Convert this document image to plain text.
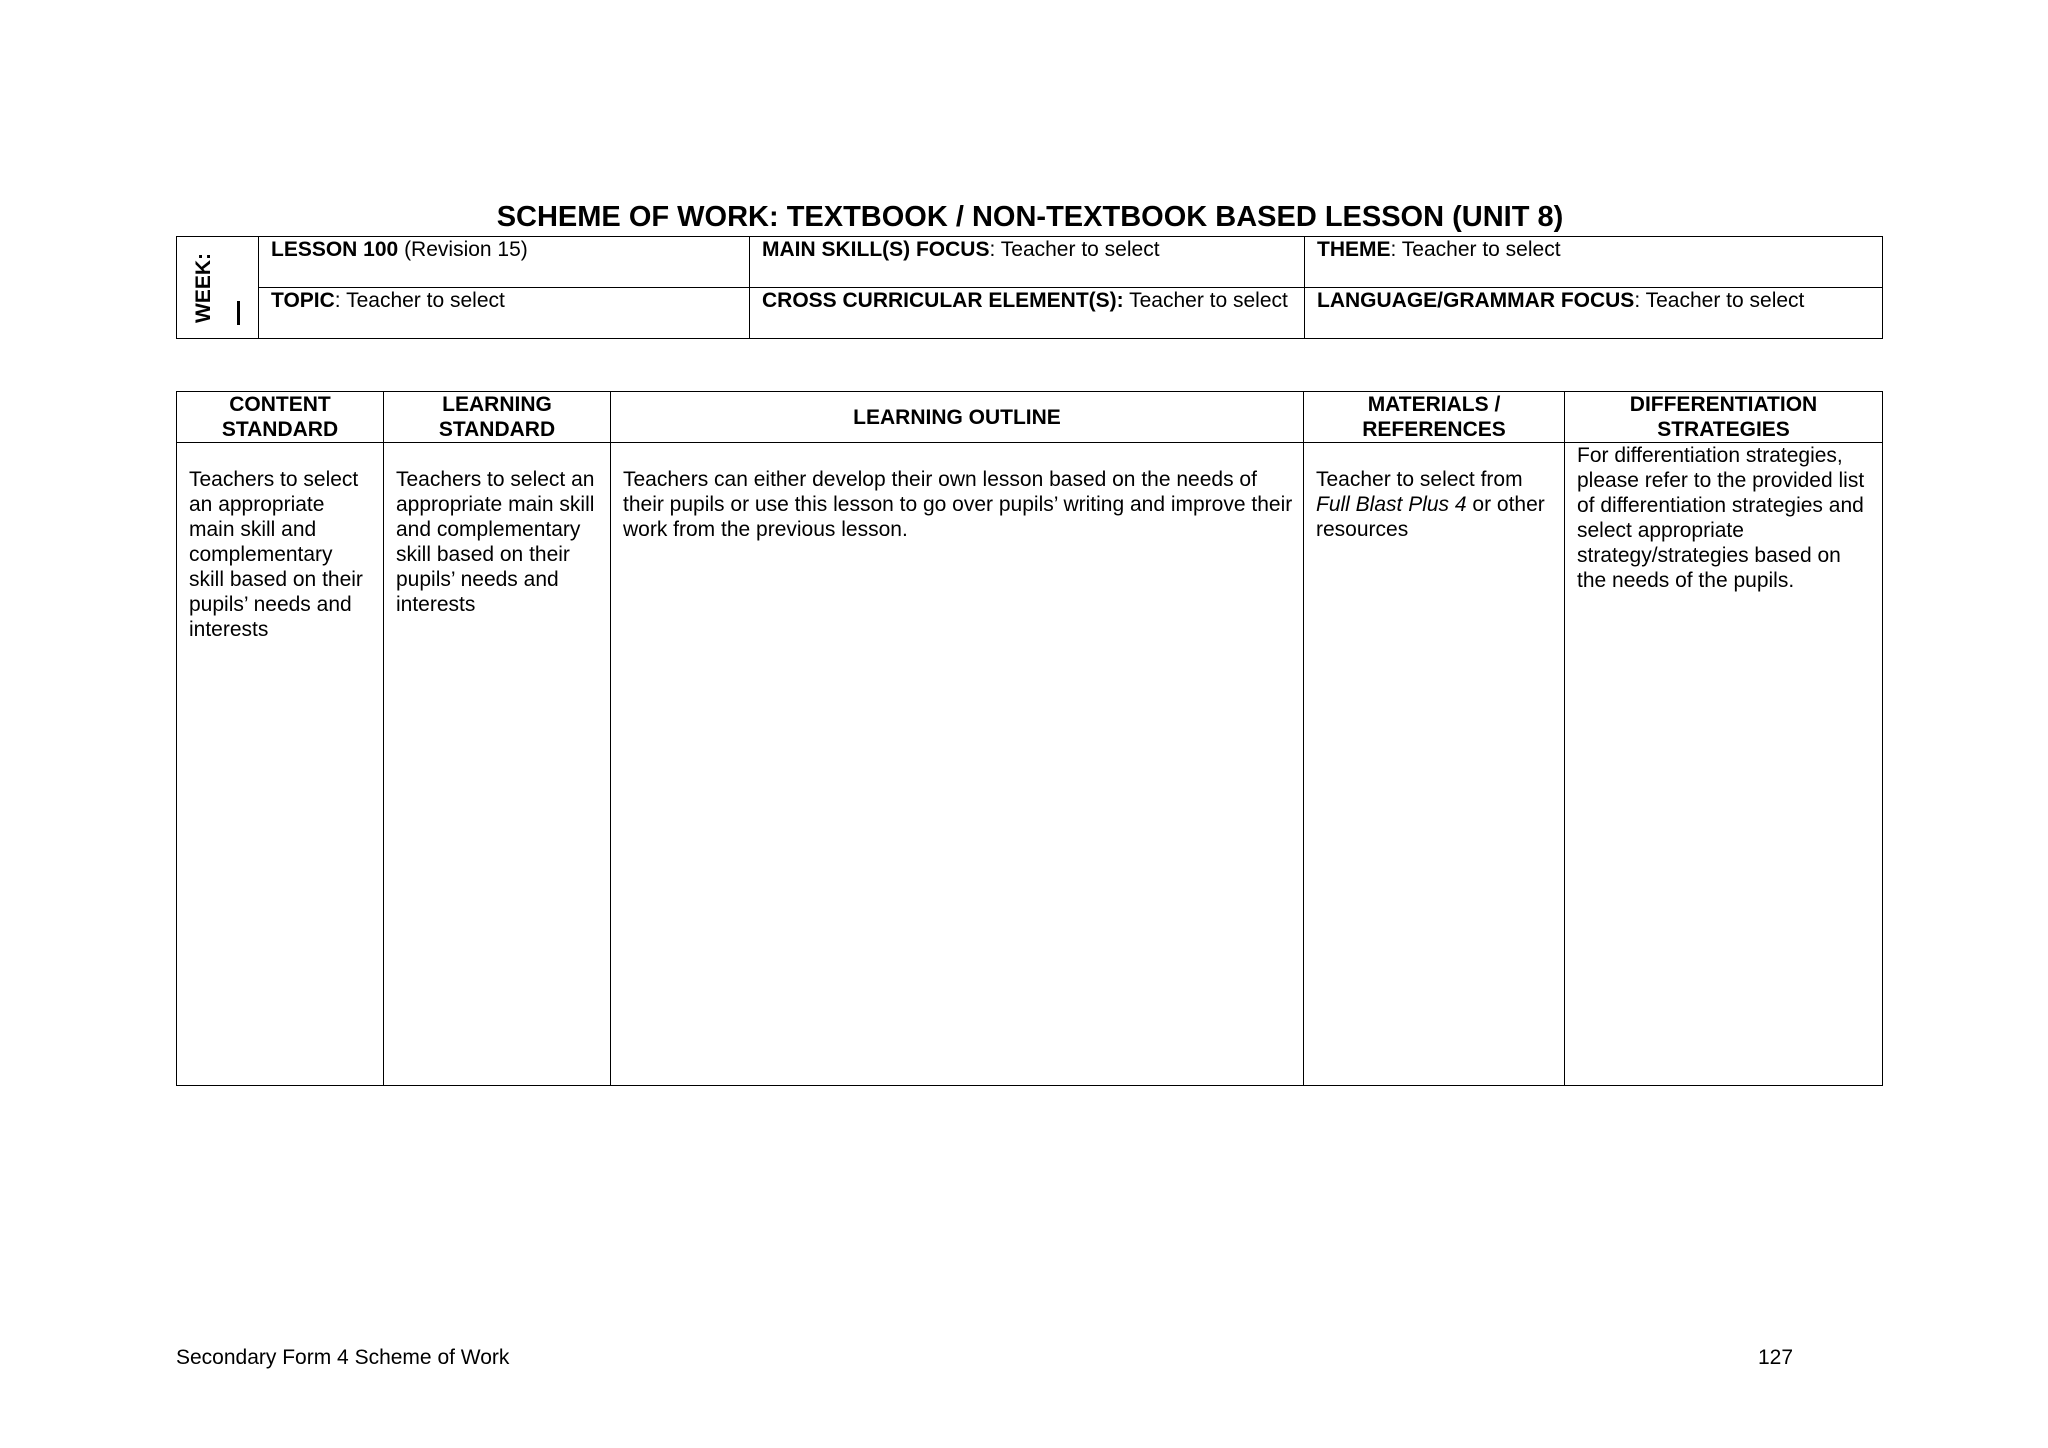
SCHEME OF WORK: TEXTBOOK / NON-TEXTBOOK BASED LESSON (UNIT 8)
WEEK:	LESSON 100 (Revision 15)	MAIN SKILL(S) FOCUS: Teacher to select	THEME: Teacher to select
	TOPIC: Teacher to select	CROSS CURRICULAR ELEMENT(S): Teacher to select	LANGUAGE/GRAMMAR FOCUS: Teacher to select
CONTENT STANDARD	LEARNING STANDARD	LEARNING OUTLINE	MATERIALS / REFERENCES	DIFFERENTIATION STRATEGIES
Teachers to select an appropriate main skill and complementary skill based on their pupils’ needs and interests	Teachers to select an appropriate main skill and complementary skill based on their pupils’ needs and interests	Teachers can either develop their own lesson based on the needs of their pupils or use this lesson to go over pupils’ writing and improve their work from the previous lesson.	Teacher to select from Full Blast Plus 4 or other resources	For differentiation strategies, please refer to the provided list of differentiation strategies and select appropriate strategy/strategies based on the needs of the pupils.
Secondary Form 4 Scheme of Work	127
